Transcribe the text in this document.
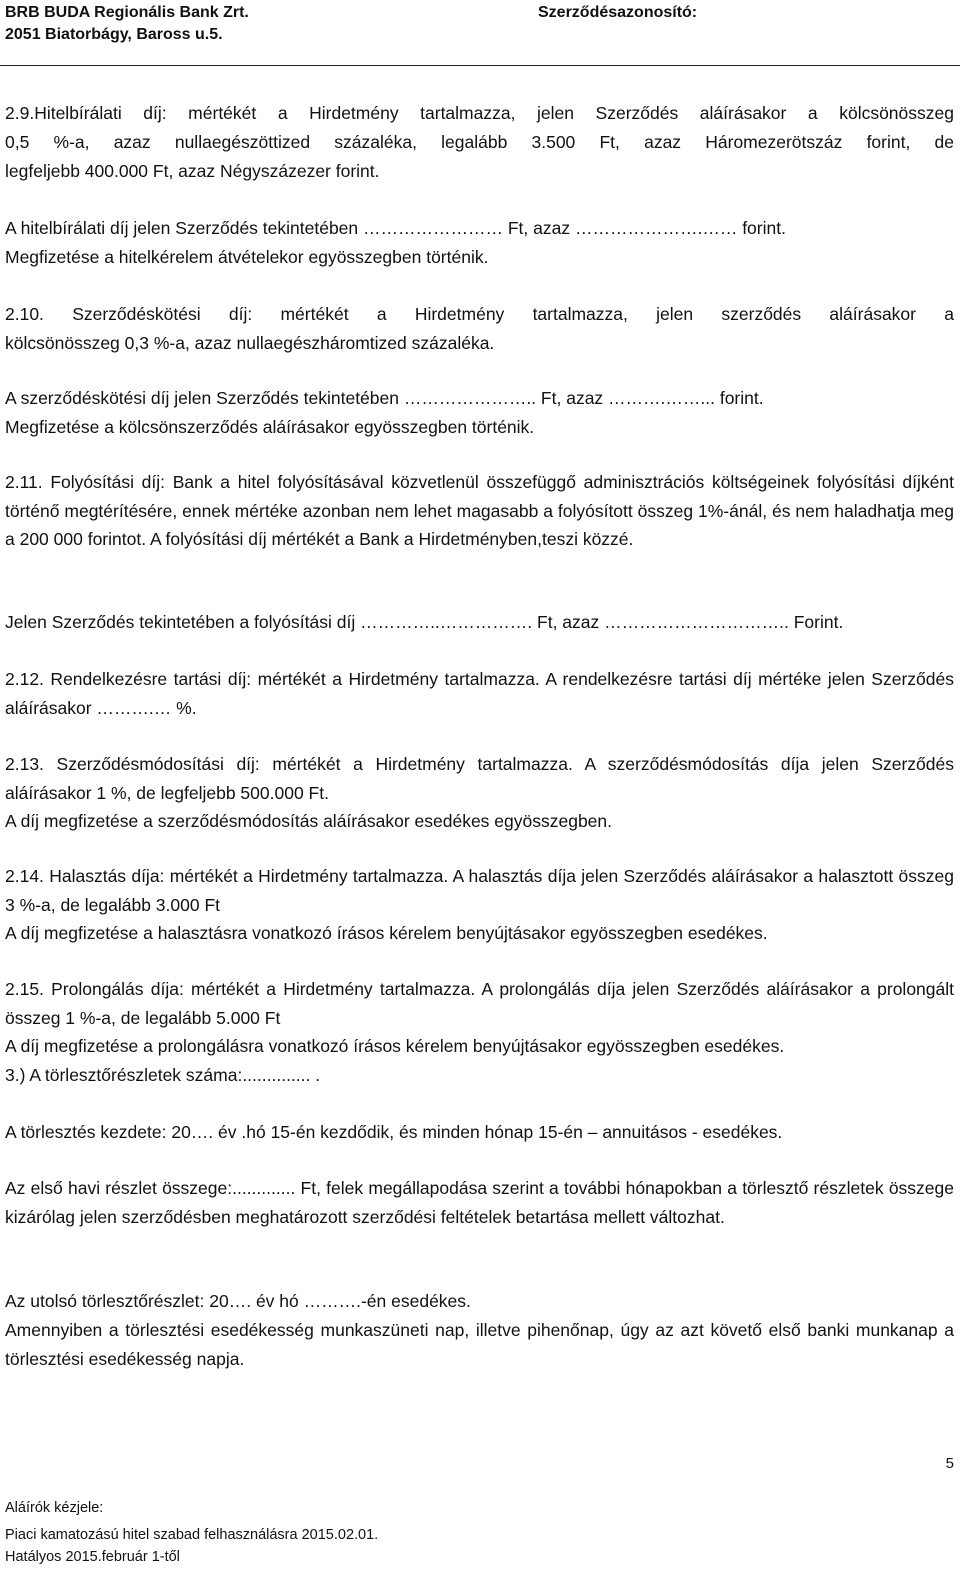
BRB BUDA Regionális Bank Zrt.
2051 Biatorbágy, Baross u.5.
Szerződésazonosító:
2.9.Hitelbírálati díj: mértékét a Hirdetmény tartalmazza, jelen Szerződés aláírásakor a kölcsönösszeg
0,5 %-a, azaz nullaegészöttized százaléka, legalább 3.500 Ft, azaz Háromezerötszáz forint, de
legfeljebb 400.000 Ft, azaz Négyszázezer forint.
A hitelbírálati díj jelen Szerződés tekintetében …………………… Ft, azaz ………………….…… forint.
Megfizetése a hitelkérelem átvételekor egyösszegben történik.
2.10. Szerződéskötési díj: mértékét a Hirdetmény tartalmazza, jelen szerződés aláírásakor a
kölcsönösszeg 0,3 %-a, azaz nullaegészháromtized százaléka.
A szerződéskötési díj jelen Szerződés tekintetében ………………….. Ft, azaz ……….……... forint.
Megfizetése a kölcsönszerződés aláírásakor egyösszegben történik.
2.11. Folyósítási díj: Bank a hitel folyósításával közvetlenül összefüggő adminisztrációs költségeinek folyósítási díjként történő megtérítésére, ennek mértéke azonban nem lehet magasabb a folyósított összeg 1%-ánál, és nem haladhatja meg a 200 000 forintot. A folyósítási díj mértékét a Bank a Hirdetményben,teszi közzé.
Jelen Szerződés tekintetében a folyósítási díj …………..……………. Ft, azaz ………………………….. Forint.
2.12. Rendelkezésre tartási díj: mértékét a Hirdetmény tartalmazza. A rendelkezésre tartási díj mértéke jelen Szerződés aláírásakor ……….… %.
2.13. Szerződésmódosítási díj: mértékét a Hirdetmény tartalmazza. A szerződésmódosítás díja jelen Szerződés aláírásakor 1 %, de legfeljebb 500.000 Ft.
A díj megfizetése a szerződésmódosítás aláírásakor esedékes egyösszegben.
2.14. Halasztás díja: mértékét a Hirdetmény tartalmazza. A halasztás díja jelen Szerződés aláírásakor a halasztott összeg 3 %-a, de legalább 3.000 Ft
A díj megfizetése a halasztásra vonatkozó írásos kérelem benyújtásakor egyösszegben esedékes.
2.15. Prolongálás díja: mértékét a Hirdetmény tartalmazza. A prolongálás díja jelen Szerződés aláírásakor a prolongált összeg 1 %-a, de legalább 5.000 Ft
A díj megfizetése a prolongálásra vonatkozó írásos kérelem benyújtásakor egyösszegben esedékes.
3.) A törlesztőrészletek száma:.............. .
A törlesztés kezdete: 20…. év .hó 15-én kezdődik, és minden hónap 15-én – annuitásos - esedékes.
Az első havi részlet összege:............. Ft, felek megállapodása szerint a további hónapokban a törlesztő részletek összege kizárólag jelen szerződésben meghatározott szerződési feltételek betartása mellett változhat.
Az utolsó törlesztőrészlet: 20…. év hó ……….-én esedékes.
Amennyiben a törlesztési esedékesség munkaszüneti nap, illetve pihenőnap, úgy az azt követő első banki munkanap a törlesztési esedékesség napja.
5
Aláírók kézjele:
Piaci kamatozású hitel szabad felhasználásra 2015.02.01.
Hatályos 2015.február 1-től
